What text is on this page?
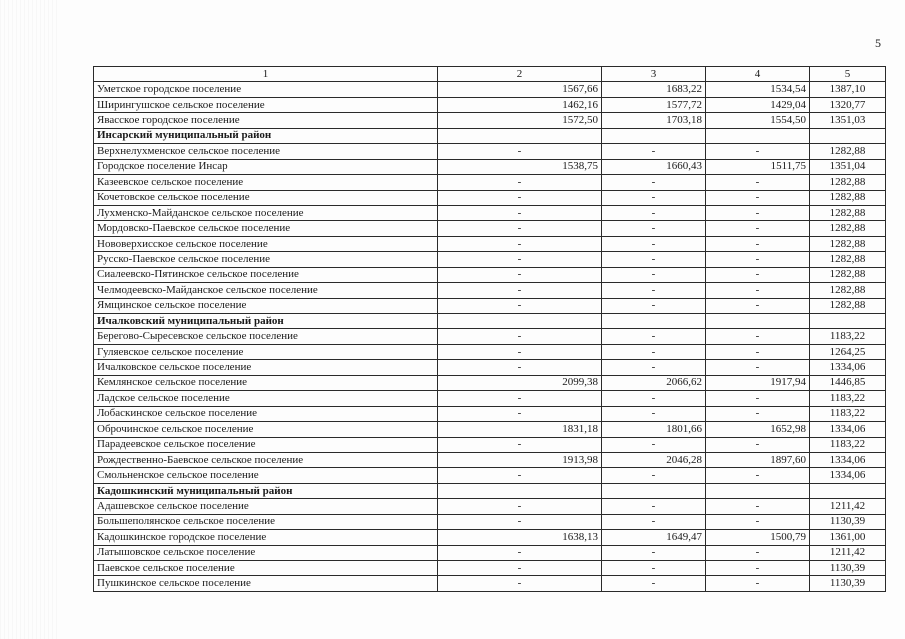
5
1	2	3	4	5
Уметское городское поселение	1567,66	1683,22	1534,54	1387,10
Ширингушское сельское поселение	1462,16	1577,72	1429,04	1320,77
Явасское городское поселение	1572,50	1703,18	1554,50	1351,03
Инсарский муниципальный район				
Верхнелухменское сельское поселение	-	-	-	1282,88
Городское поселение Инсар	1538,75	1660,43	1511,75	1351,04
Казеевское сельское поселение	-	-	-	1282,88
Кочетовское сельское поселение	-	-	-	1282,88
Лухменско-Майданское сельское поселение	-	-	-	1282,88
Мордовско-Паевское сельское поселение	-	-	-	1282,88
Нововерхисское сельское поселение	-	-	-	1282,88
Русско-Паевское сельское поселение	-	-	-	1282,88
Сиалеевско-Пятинское сельское поселение	-	-	-	1282,88
Челмодеевско-Майданское сельское поселение	-	-	-	1282,88
Ямщинское сельское поселение	-	-	-	1282,88
Ичалковский муниципальный район				
Берегово-Сыресевское сельское поселение	-	-	-	1183,22
Гуляевское сельское поселение	-	-	-	1264,25
Ичалковское сельское поселение	-	-	-	1334,06
Кемлянское сельское поселение	2099,38	2066,62	1917,94	1446,85
Ладское сельское поселение	-	-	-	1183,22
Лобаскинское сельское поселение	-	-	-	1183,22
Оброчинское сельское поселение	1831,18	1801,66	1652,98	1334,06
Парадеевское сельское поселение	-	-	-	1183,22
Рождественно-Баевское сельское поселение	1913,98	2046,28	1897,60	1334,06
Смольненское сельское поселение	-	-	-	1334,06
Кадошкинский муниципальный район				
Адашевское сельское поселение	-	-	-	1211,42
Большеполянское сельское поселение	-	-	-	1130,39
Кадошкинское городское поселение	1638,13	1649,47	1500,79	1361,00
Латышовское сельское поселение	-	-	-	1211,42
Паевское сельское поселение	-	-	-	1130,39
Пушкинское сельское поселение	-	-	-	1130,39
